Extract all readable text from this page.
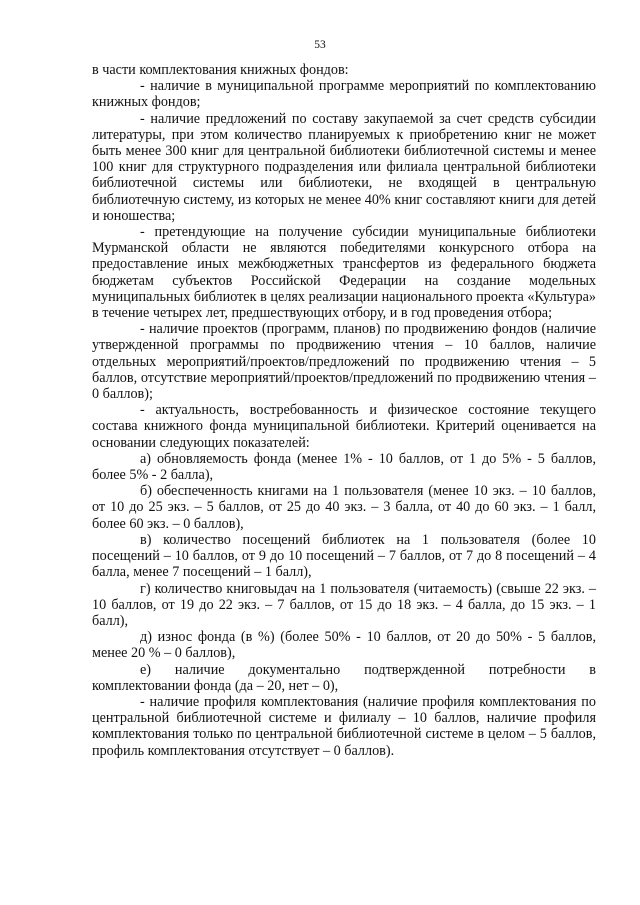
53

в части комплектования книжных фондов:

- наличие в муниципальной программе мероприятий по комплектованию книжных фондов;

- наличие предложений по составу закупаемой за счет средств субсидии литературы, при этом количество планируемых к приобретению книг не может быть менее 300 книг для центральной библиотеки библиотечной системы и менее 100 книг для структурного подразделения или филиала центральной библиотеки библиотечной системы или библиотеки, не входящей в центральную библиотечную систему, из которых не менее 40% книг составляют книги для детей и юношества;

- претендующие на получение субсидии муниципальные библиотеки Мурманской области не являются победителями конкурсного отбора на предоставление иных межбюджетных трансфертов из федерального бюджета бюджетам субъектов Российской Федерации на создание модельных муниципальных библиотек в целях реализации национального проекта «Культура» в течение четырех лет, предшествующих отбору, и в год проведения отбора;

- наличие проектов (программ, планов) по продвижению фондов (наличие утвержденной программы по продвижению чтения – 10 баллов, наличие отдельных мероприятий/проектов/предложений по продвижению чтения – 5 баллов, отсутствие мероприятий/проектов/предложений по продвижению чтения – 0 баллов);

- актуальность, востребованность и физическое состояние текущего состава книжного фонда муниципальной библиотеки. Критерий оценивается на основании следующих показателей:

а) обновляемость фонда (менее 1% - 10 баллов, от 1 до 5% - 5 баллов, более 5% - 2 балла),

б) обеспеченность книгами на 1 пользователя (менее 10 экз. – 10 баллов, от 10 до 25 экз. – 5 баллов, от 25 до 40 экз. – 3 балла, от 40 до 60 экз. – 1 балл, более 60 экз. – 0 баллов),

в) количество посещений библиотек на 1 пользователя (более 10 посещений – 10 баллов, от 9 до 10 посещений – 7 баллов, от 7 до 8 посещений – 4 балла, менее 7 посещений – 1 балл),

г) количество книговыдач на 1 пользователя (читаемость) (свыше 22 экз. – 10 баллов, от 19 до 22 экз. – 7 баллов, от 15 до 18 экз. – 4 балла, до 15 экз. – 1 балл),

д) износ фонда (в %) (более 50% - 10 баллов, от 20 до 50% - 5 баллов, менее 20 % – 0 баллов),

е) наличие документально подтвержденной потребности в комплектовании фонда (да – 20, нет – 0),

- наличие профиля комплектования (наличие профиля комплектования по центральной библиотечной системе и филиалу – 10 баллов, наличие профиля комплектования только по центральной библиотечной системе в целом – 5 баллов, профиль комплектования отсутствует – 0 баллов).
